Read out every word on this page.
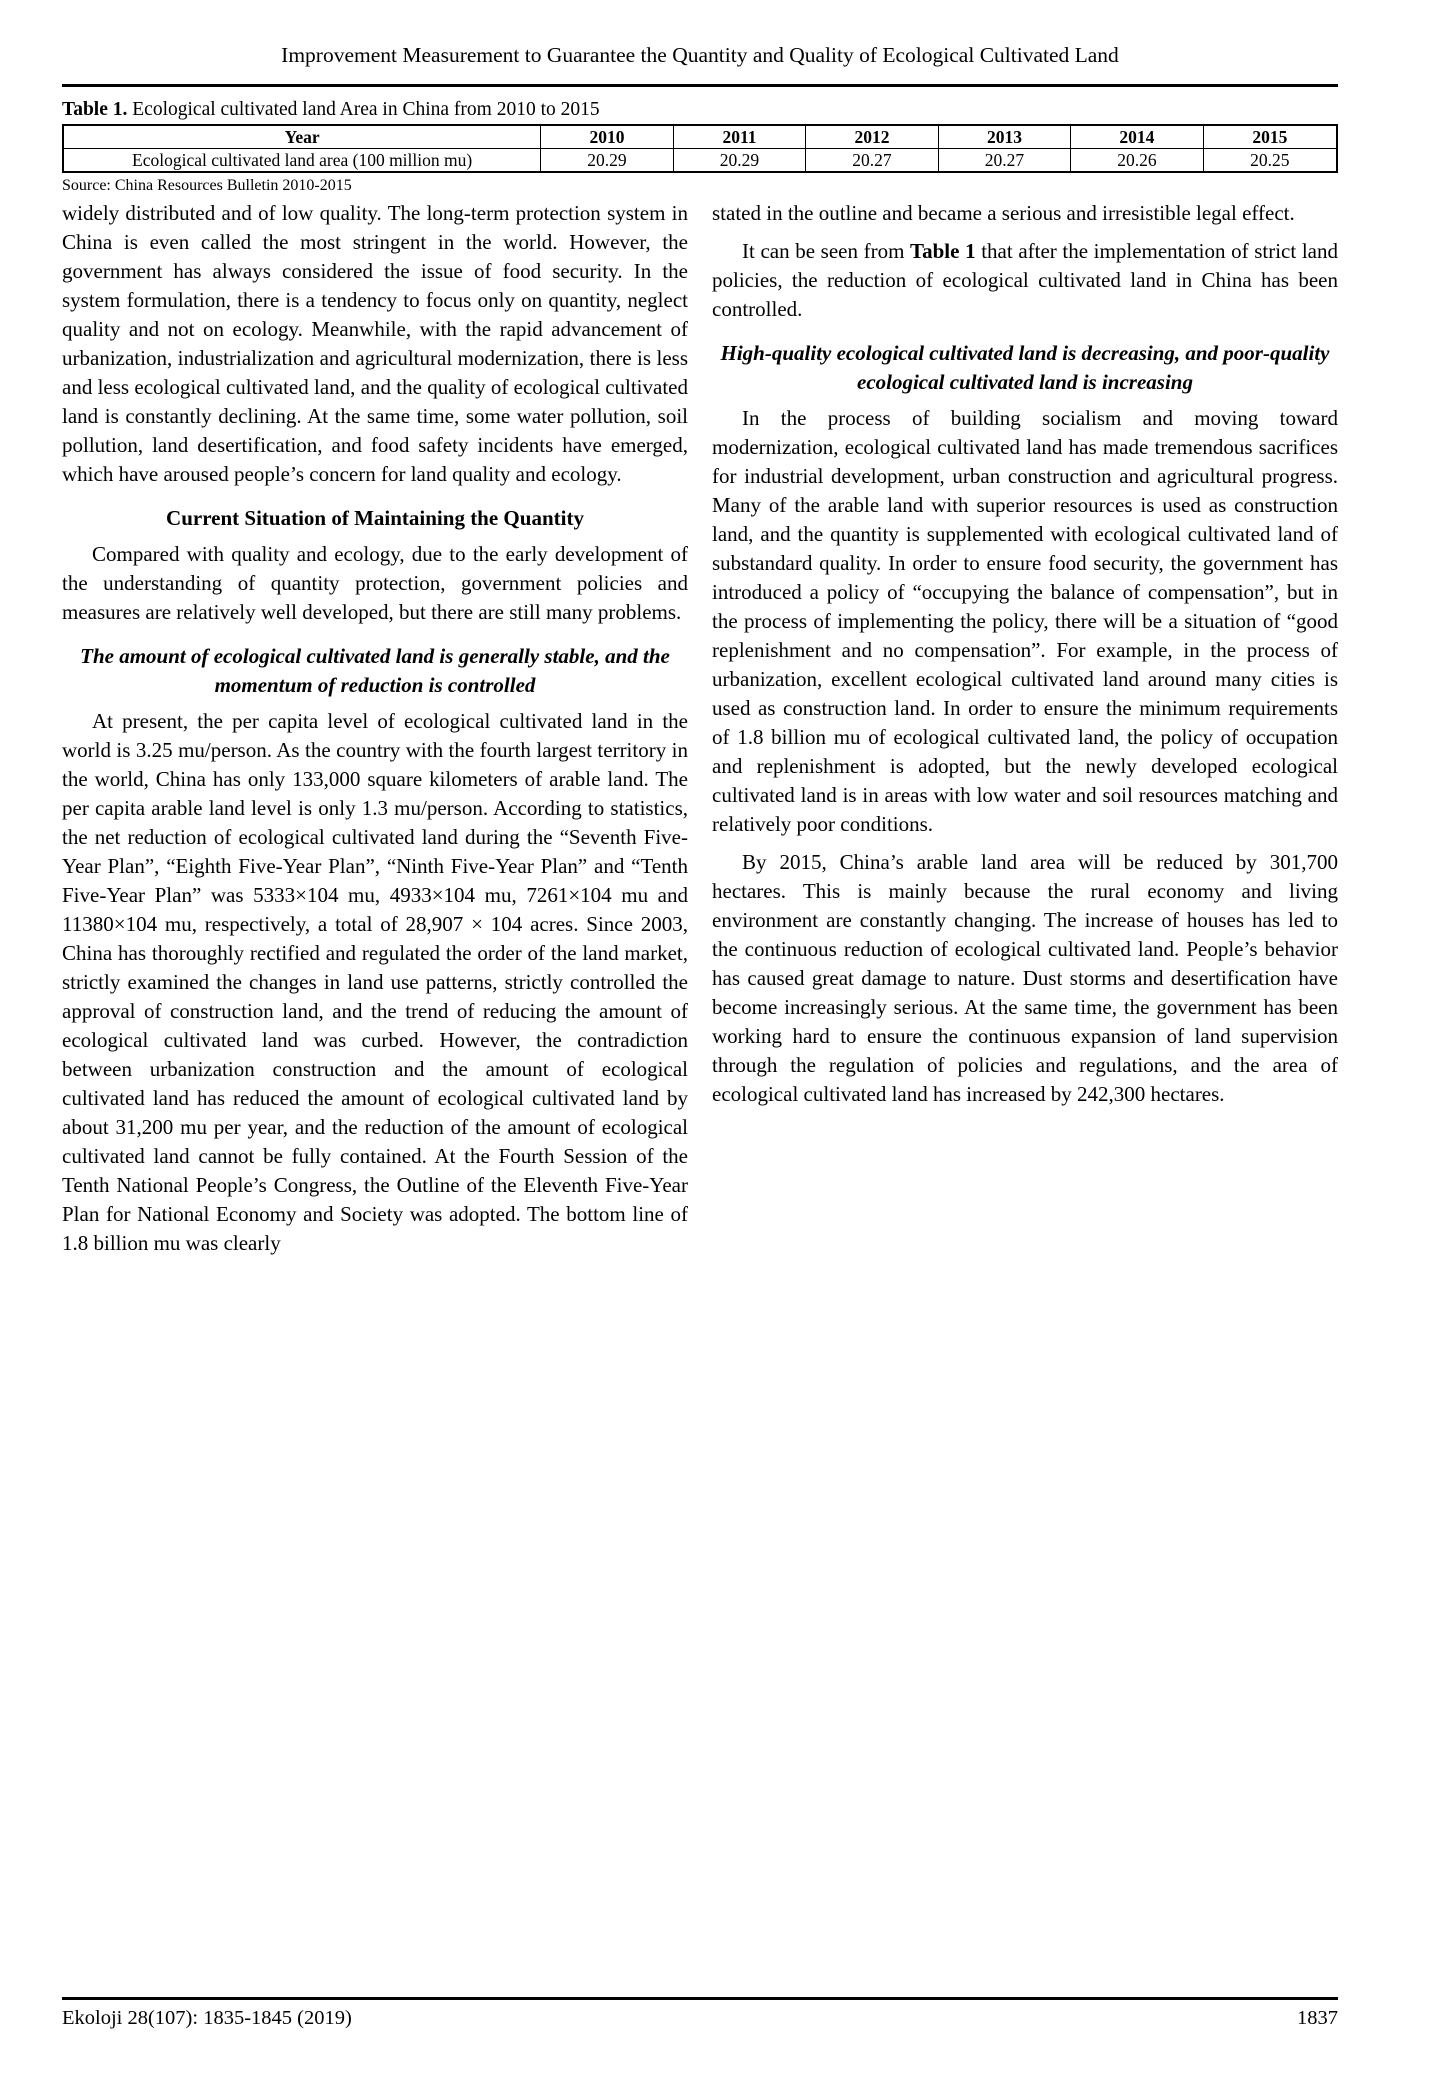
Improvement Measurement to Guarantee the Quantity and Quality of Ecological Cultivated Land
Table 1. Ecological cultivated land Area in China from 2010 to 2015
Year	2010	2011	2012	2013	2014	2015
Ecological cultivated land area (100 million mu)	20.29	20.29	20.27	20.27	20.26	20.25
Source: China Resources Bulletin 2010-2015

widely distributed and of low quality. The long-term protection system in China is even called the most stringent in the world. However, the government has always considered the issue of food security. In the system formulation, there is a tendency to focus only on quantity, neglect quality and not on ecology. Meanwhile, with the rapid advancement of urbanization, industrialization and agricultural modernization, there is less and less ecological cultivated land, and the quality of ecological cultivated land is constantly declining. At the same time, some water pollution, soil pollution, land desertification, and food safety incidents have emerged, which have aroused people’s concern for land quality and ecology.

Current Situation of Maintaining the Quantity

Compared with quality and ecology, due to the early development of the understanding of quantity protection, government policies and measures are relatively well developed, but there are still many problems.

The amount of ecological cultivated land is generally stable, and the momentum of reduction is controlled

At present, the per capita level of ecological cultivated land in the world is 3.25 mu/person. As the country with the fourth largest territory in the world, China has only 133,000 square kilometers of arable land. The per capita arable land level is only 1.3 mu/person. According to statistics, the net reduction of ecological cultivated land during the “Seventh Five-Year Plan”, “Eighth Five-Year Plan”, “Ninth Five-Year Plan” and “Tenth Five-Year Plan” was 5333×104 mu, 4933×104 mu, 7261×104 mu and 11380×104 mu, respectively, a total of 28,907 × 104 acres. Since 2003, China has thoroughly rectified and regulated the order of the land market, strictly examined the changes in land use patterns, strictly controlled the approval of construction land, and the trend of reducing the amount of ecological cultivated land was curbed. However, the contradiction between urbanization construction and the amount of ecological cultivated land has reduced the amount of ecological cultivated land by about 31,200 mu per year, and the reduction of the amount of ecological cultivated land cannot be fully contained. At the Fourth Session of the Tenth National People’s Congress, the Outline of the Eleventh Five-Year Plan for National Economy and Society was adopted. The bottom line of 1.8 billion mu was clearly

stated in the outline and became a serious and irresistible legal effect.

It can be seen from Table 1 that after the implementation of strict land policies, the reduction of ecological cultivated land in China has been controlled.

High-quality ecological cultivated land is decreasing, and poor-quality ecological cultivated land is increasing

In the process of building socialism and moving toward modernization, ecological cultivated land has made tremendous sacrifices for industrial development, urban construction and agricultural progress. Many of the arable land with superior resources is used as construction land, and the quantity is supplemented with ecological cultivated land of substandard quality. In order to ensure food security, the government has introduced a policy of “occupying the balance of compensation”, but in the process of implementing the policy, there will be a situation of “good replenishment and no compensation”. For example, in the process of urbanization, excellent ecological cultivated land around many cities is used as construction land. In order to ensure the minimum requirements of 1.8 billion mu of ecological cultivated land, the policy of occupation and replenishment is adopted, but the newly developed ecological cultivated land is in areas with low water and soil resources matching and relatively poor conditions.

By 2015, China’s arable land area will be reduced by 301,700 hectares. This is mainly because the rural economy and living environment are constantly changing. The increase of houses has led to the continuous reduction of ecological cultivated land. People’s behavior has caused great damage to nature. Dust storms and desertification have become increasingly serious. At the same time, the government has been working hard to ensure the continuous expansion of land supervision through the regulation of policies and regulations, and the area of ecological cultivated land has increased by 242,300 hectares.

Ekoloji 28(107): 1835-1845 (2019)	1837
